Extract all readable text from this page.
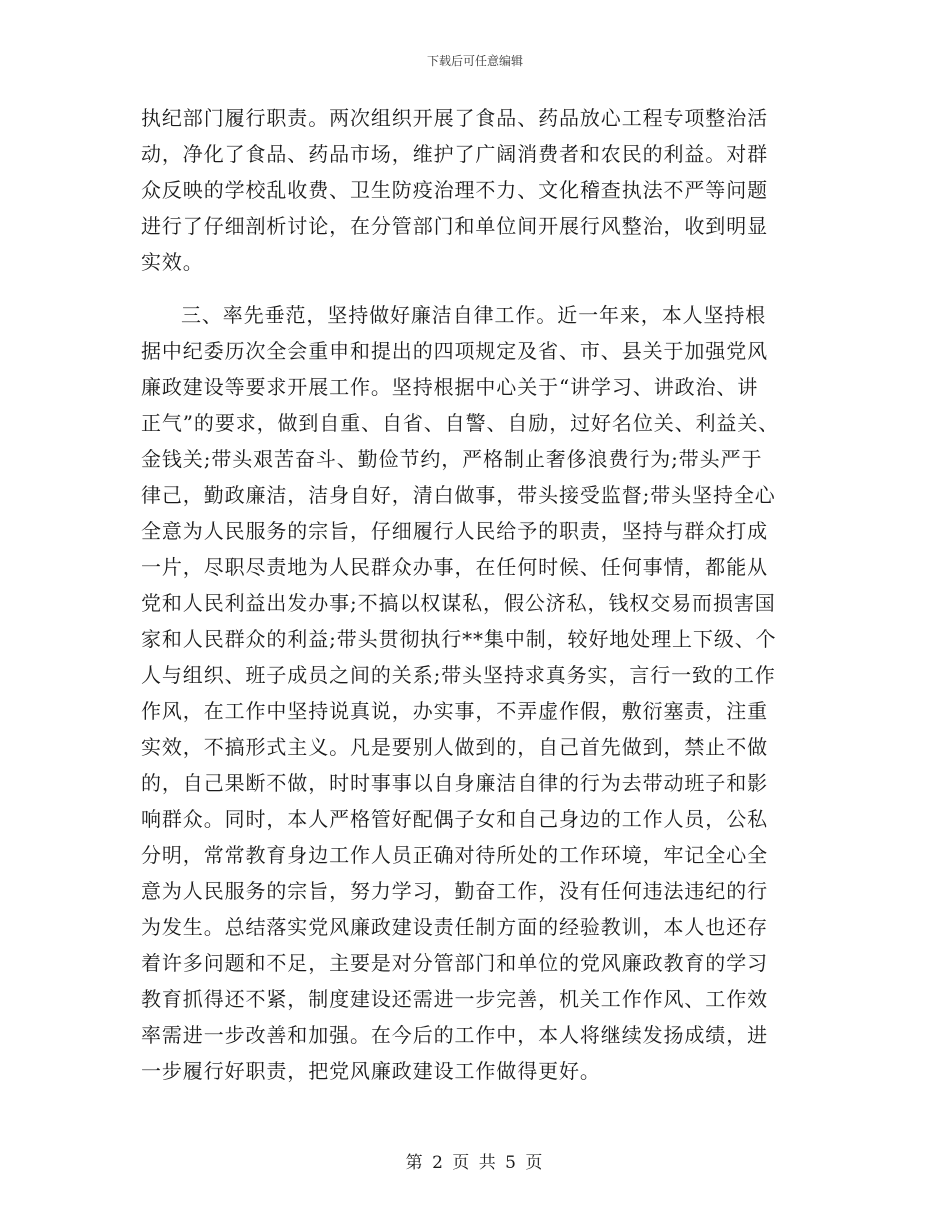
下载后可任意编辑
执纪部门履行职责。两次组织开展了食品、药品放心工程专项整治活
动，净化了食品、药品市场，维护了广阔消费者和农民的利益。对群
众反映的学校乱收费、卫生防疫治理不力、文化稽查执法不严等问题
进行了仔细剖析讨论，在分管部门和单位间开展行风整治，收到明显
实效。
三、率先垂范，坚持做好廉洁自律工作。近一年来，本人坚持根
据中纪委历次全会重申和提出的四项规定及省、市、县关于加强党风
廉政建设等要求开展工作。坚持根据中心关于“讲学习、讲政治、讲
正气”的要求，做到自重、自省、自警、自励，过好名位关、利益关、
金钱关;带头艰苦奋斗、勤俭节约，严格制止奢侈浪费行为;带头严于
律己，勤政廉洁，洁身自好，清白做事，带头接受监督;带头坚持全心
全意为人民服务的宗旨，仔细履行人民给予的职责，坚持与群众打成
一片，尽职尽责地为人民群众办事，在任何时候、任何事情，都能从
党和人民利益出发办事;不搞以权谋私，假公济私，钱权交易而损害国
家和人民群众的利益;带头贯彻执行**集中制，较好地处理上下级、个
人与组织、班子成员之间的关系;带头坚持求真务实，言行一致的工作
作风，在工作中坚持说真说，办实事，不弄虚作假，敷衍塞责，注重
实效，不搞形式主义。凡是要别人做到的，自己首先做到，禁止不做
的，自己果断不做，时时事事以自身廉洁自律的行为去带动班子和影
响群众。同时，本人严格管好配偶子女和自己身边的工作人员，公私
分明，常常教育身边工作人员正确对待所处的工作环境，牢记全心全
意为人民服务的宗旨，努力学习，勤奋工作，没有任何违法违纪的行
为发生。总结落实党风廉政建设责任制方面的经验教训，本人也还存
着许多问题和不足，主要是对分管部门和单位的党风廉政教育的学习
教育抓得还不紧，制度建设还需进一步完善，机关工作作风、工作效
率需进一步改善和加强。在今后的工作中，本人将继续发扬成绩，进
一步履行好职责，把党风廉政建设工作做得更好。
第 2 页 共 5 页
